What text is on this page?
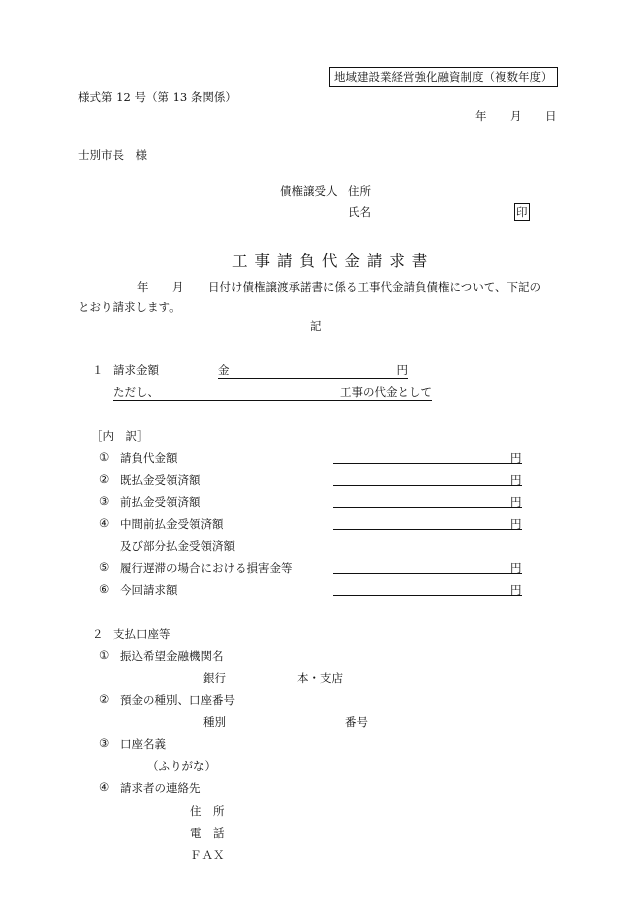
地域建設業経営強化融資制度（複数年度）
様式第 12 号（第 13 条関係）
年 月 日
士別市長　様
債権譲受人 住所
氏名	印
工事請負代金請求書
年 月 日付け債権譲渡承諾書に係る工事代金請負債権について、下記の
とおり請求します。
記
１ 請求金額	金	円
ただし、	工事の代金として
［内　訳］
① 請負代金額	円
② 既払金受領済額	円
③ 前払金受領済額	円
④ 中間前払金受領済額	円
及び部分払金受領済額
⑤ 履行遅滞の場合における損害金等	円
⑥ 今回請求額	円
２ 支払口座等
① 振込希望金融機関名
銀行	本・支店
② 預金の種別、口座番号
種別	番号
③ 口座名義
（ふりがな）
④ 請求者の連絡先
住　所
電　話
ＦＡＸ
